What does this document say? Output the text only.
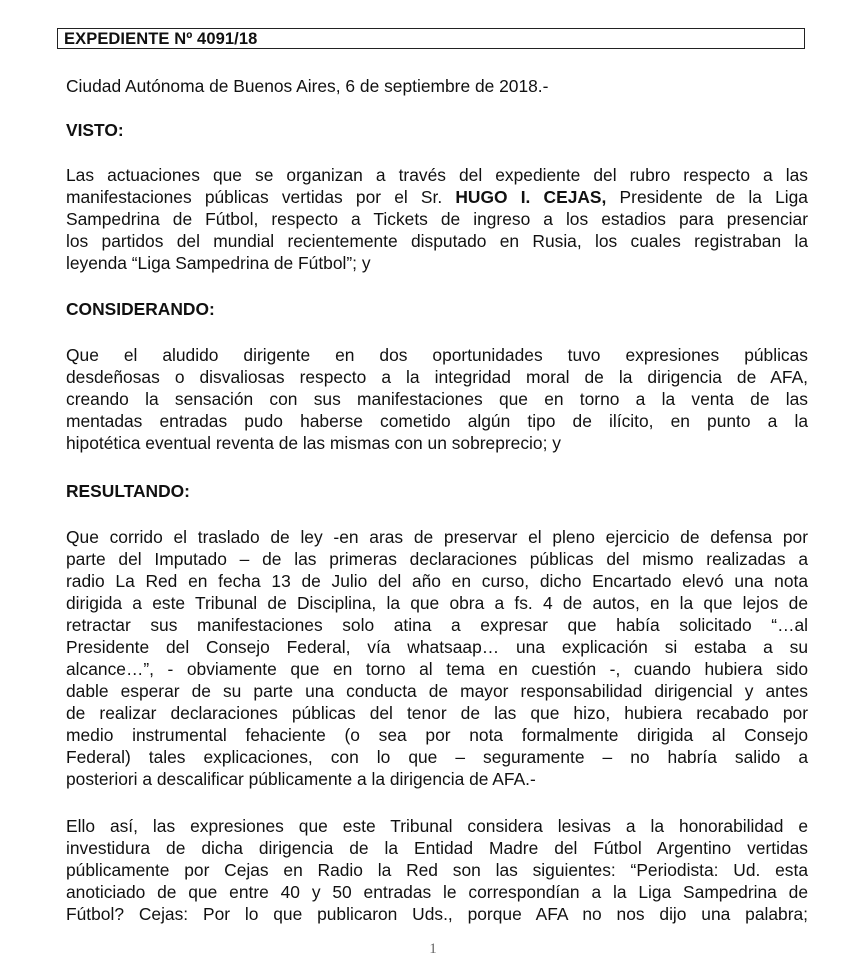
EXPEDIENTE Nº 4091/18
Ciudad Autónoma de Buenos Aires, 6 de septiembre de 2018.-
VISTO:
Las actuaciones que se organizan a través del expediente del rubro respecto a las
manifestaciones públicas vertidas por el Sr. HUGO I. CEJAS, Presidente de la Liga
Sampedrina de Fútbol, respecto a Tickets de ingreso a los estadios para presenciar
los partidos del mundial recientemente disputado en Rusia, los cuales registraban la
leyenda “Liga Sampedrina de Fútbol”; y
CONSIDERANDO:
Que el aludido dirigente en dos oportunidades tuvo expresiones públicas
desdeñosas o disvaliosas respecto a la integridad moral de la dirigencia de AFA,
creando la sensación con sus manifestaciones que en torno a la venta de las
mentadas entradas pudo haberse cometido algún tipo de ilícito, en punto a la
hipotética eventual reventa de las mismas con un sobreprecio; y
RESULTANDO:
Que corrido el traslado de ley -en aras de preservar el pleno ejercicio de defensa por
parte del Imputado – de las primeras declaraciones públicas del mismo realizadas a
radio La Red en fecha 13 de Julio del año en curso, dicho Encartado elevó una nota
dirigida a este Tribunal de Disciplina, la que obra a fs. 4 de autos, en la que lejos de
retractar sus manifestaciones solo atina a expresar que había solicitado “…al
Presidente del Consejo Federal, vía whatsaap… una explicación si estaba a su
alcance…”, - obviamente que en torno al tema en cuestión -, cuando hubiera sido
dable esperar de su parte una conducta de mayor responsabilidad dirigencial y antes
de realizar declaraciones públicas del tenor de las que hizo, hubiera recabado por
medio instrumental fehaciente (o sea por nota formalmente dirigida al Consejo
Federal) tales explicaciones, con lo que – seguramente – no habría salido a
posteriori a descalificar públicamente a la dirigencia de AFA.-
Ello así, las expresiones que este Tribunal considera lesivas a la honorabilidad e
investidura de dicha dirigencia de la Entidad Madre del Fútbol Argentino vertidas
públicamente por Cejas en Radio la Red son las siguientes: “Periodista: Ud. esta
anoticiado de que entre 40 y 50 entradas le correspondían a la Liga Sampedrina de
Fútbol? Cejas: Por lo que publicaron Uds., porque AFA no nos dijo una palabra;
1
